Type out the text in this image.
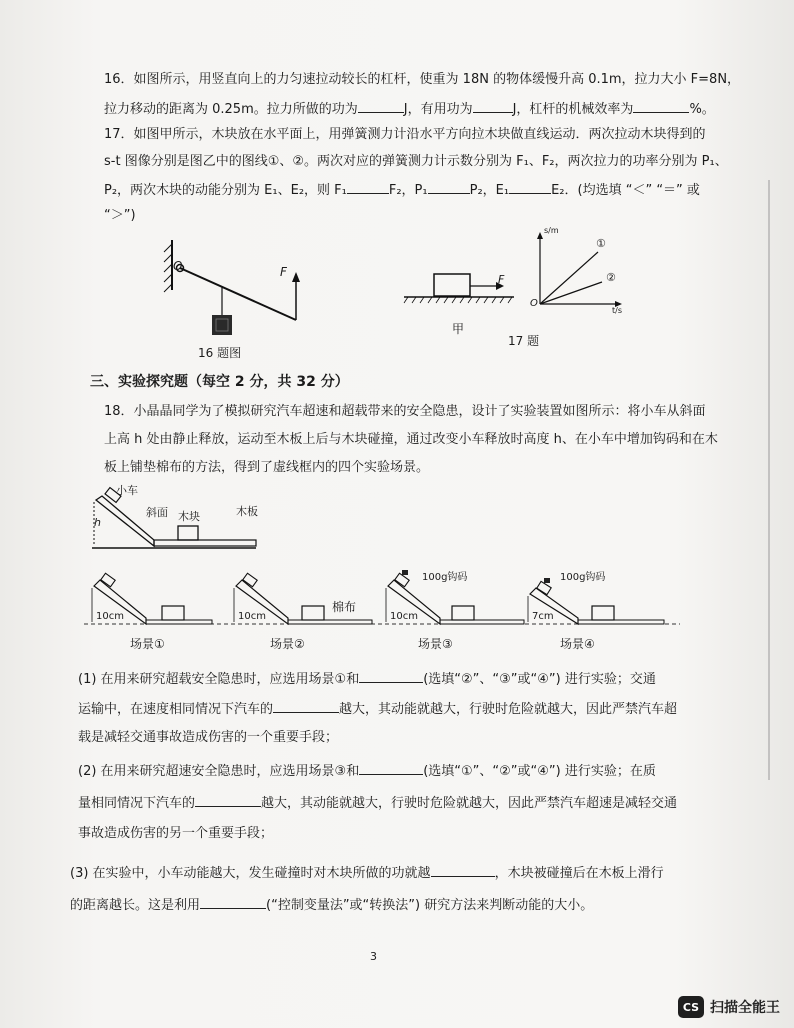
16．如图所示，用竖直向上的力匀速拉动较长的杠杆，使重为 18N 的物体缓慢升高 0.1m，拉力大小 F=8N，
拉力移动的距离为 0.25m。拉力所做的功为	J，有用功为	J，杠杆的机械效率为	%。
17．如图甲所示，木块放在水平面上，用弹簧测力计沿水平方向拉木块做直线运动．两次拉动木块得到的
s-t 图像分别是图乙中的图线①、②。两次对应的弹簧测力计示数分别为 F₁、F₂，两次拉力的功率分别为 P₁、
P₂，两次木块的动能分别为 E₁、E₂，则 F₁	F₂，P₁	P₂，E₁	E₂．(均选填 “＜” “＝” 或
“＞”)
O	F
16 题图
F
甲
s/m
t/s
O
①
②
17 题
三、实验探究题（每空 2 分，共 32 分）
18．小晶晶同学为了模拟研究汽车超速和超载带来的安全隐患，设计了实验装置如图所示：将小车从斜面
上高 h 处由静止释放，运动至木板上后与木块碰撞，通过改变小车释放时高度 h、在小车中增加钩码和在木
板上铺垫棉布的方法，得到了虚线框内的四个实验场景。
小车
斜面 木块	木板
h
10cm	10cm	10cm	7cm
棉布
100g钩码	100g钩码
场景①	场景②	场景③	场景④
(1) 在用来研究超载安全隐患时，应选用场景①和	(选填“②”、“③”或“④”) 进行实验；交通
运输中，在速度相同情况下汽车的	越大，其动能就越大，行驶时危险就越大，因此严禁汽车超
载是减轻交通事故造成伤害的一个重要手段；
(2) 在用来研究超速安全隐患时，应选用场景③和	(选填“①”、“②”或“④”) 进行实验；在质
量相同情况下汽车的	越大，其动能就越大，行驶时危险就越大，因此严禁汽车超速是减轻交通
事故造成伤害的另一个重要手段；
(3) 在实验中，小车动能越大，发生碰撞时对木块所做的功就越	，木块被碰撞后在木板上滑行
的距离越长。这是利用	(“控制变量法”或“转换法”) 研究方法来判断动能的大小。
3
CS 扫描全能王
